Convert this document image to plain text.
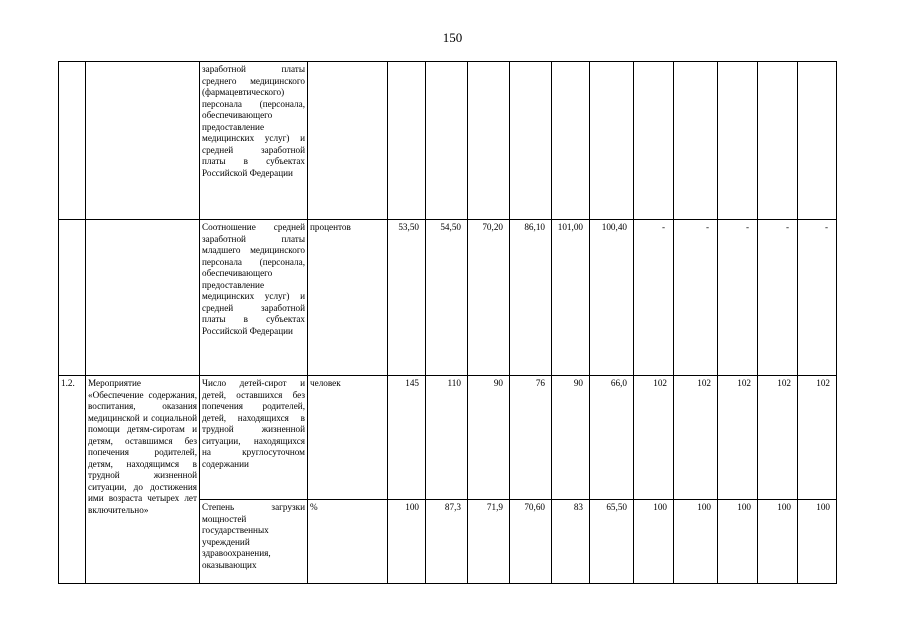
150
		заработной платы среднего медицинского (фармацевтического) персонала (персонала, обеспечивающего предоставление медицинских услуг) и средней заработной платы в субъектах Российской Федерации												
		Соотношение средней заработной платы младшего медицинского персонала (персонала, обеспечивающего предоставление медицинских услуг) и средней заработной платы в субъектах Российской Федерации	процентов	53,50	54,50	70,20	86,10	101,00	100,40	-	-	-	-	-
1.2.	Мероприятие «Обеспечение содержания, воспитания, оказания медицинской и социальной помощи детям-сиротам и детям, оставшимся без попечения родителей, детям, находящимся в трудной жизненной ситуации, до достижения ими возраста четырех лет включительно»	Число детей-сирот и детей, оставшихся без попечения родителей, детей, находящихся в трудной жизненной ситуации, находящихся на круглосуточном содержании	человек	145	110	90	76	90	66,0	102	102	102	102	102
		Степень загрузки мощностей государственных учреждений здравоохранения, оказывающих	%	100	87,3	71,9	70,60	83	65,50	100	100	100	100	100
